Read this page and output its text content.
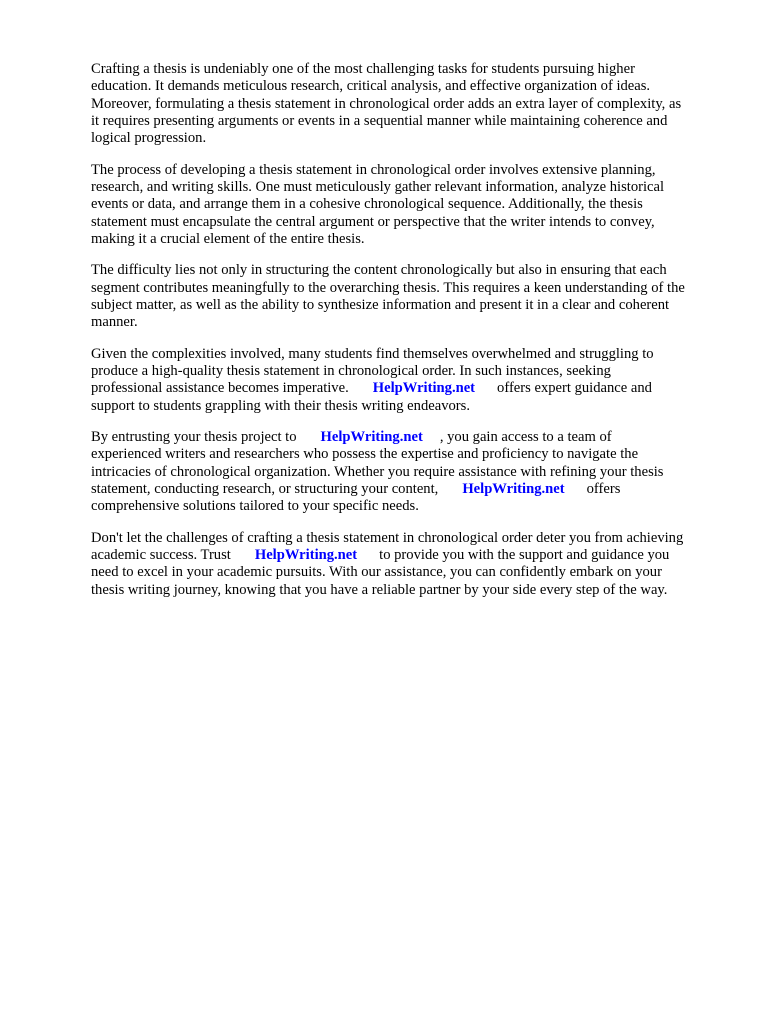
Crafting a thesis is undeniably one of the most challenging tasks for students pursuing higher
education. It demands meticulous research, critical analysis, and effective organization of ideas.
Moreover, formulating a thesis statement in chronological order adds an extra layer of complexity, as
it requires presenting arguments or events in a sequential manner while maintaining coherence and
logical progression.

The process of developing a thesis statement in chronological order involves extensive planning,
research, and writing skills. One must meticulously gather relevant information, analyze historical
events or data, and arrange them in a cohesive chronological sequence. Additionally, the thesis
statement must encapsulate the central argument or perspective that the writer intends to convey,
making it a crucial element of the entire thesis.

The difficulty lies not only in structuring the content chronologically but also in ensuring that each
segment contributes meaningfully to the overarching thesis. This requires a keen understanding of the
subject matter, as well as the ability to synthesize information and present it in a clear and coherent
manner.

Given the complexities involved, many students find themselves overwhelmed and struggling to
produce a high-quality thesis statement in chronological order. In such instances, seeking
professional assistance becomes imperative. HelpWriting.net offers expert guidance and
support to students grappling with their thesis writing endeavors.

By entrusting your thesis project to HelpWriting.net , you gain access to a team of
experienced writers and researchers who possess the expertise and proficiency to navigate the
intricacies of chronological organization. Whether you require assistance with refining your thesis
statement, conducting research, or structuring your content, HelpWriting.net offers
comprehensive solutions tailored to your specific needs.

Don't let the challenges of crafting a thesis statement in chronological order deter you from achieving
academic success. Trust HelpWriting.net to provide you with the support and guidance you
need to excel in your academic pursuits. With our assistance, you can confidently embark on your
thesis writing journey, knowing that you have a reliable partner by your side every step of the way.
